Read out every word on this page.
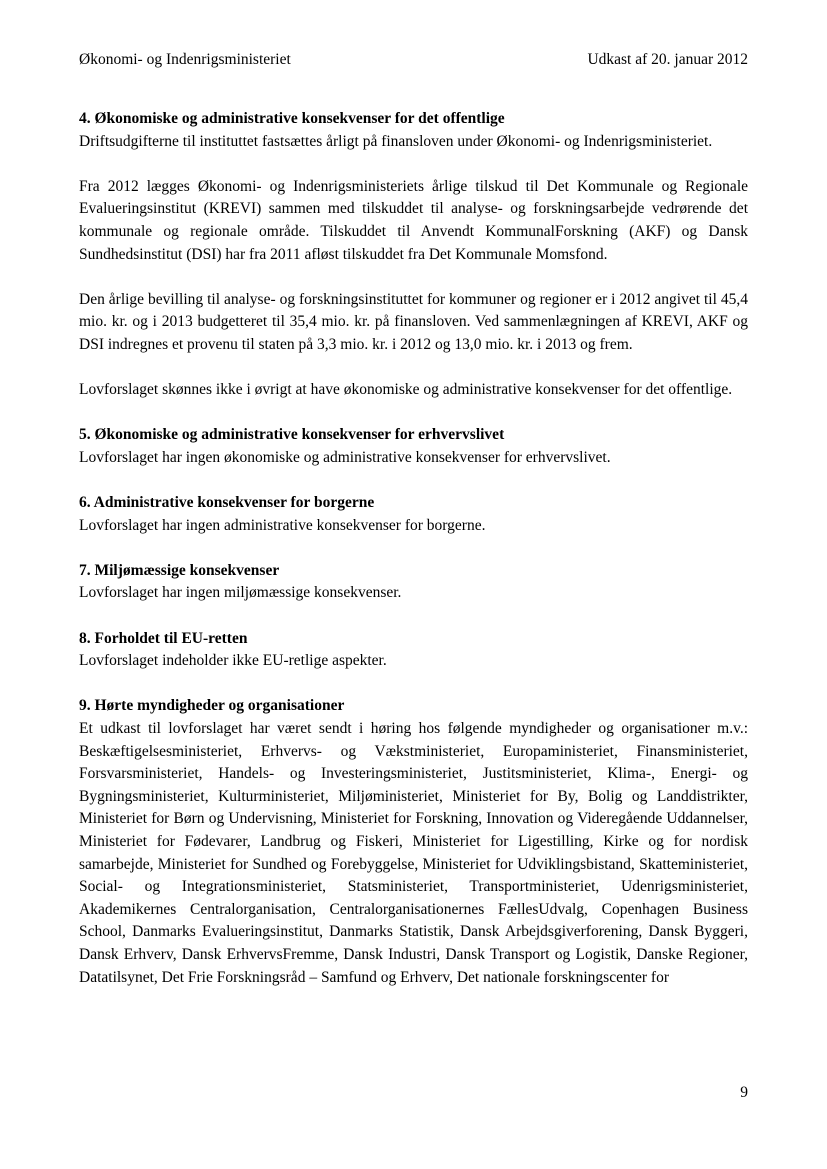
Økonomi- og Indenrigsministeriet	Udkast af 20. januar 2012
4. Økonomiske og administrative konsekvenser for det offentlige

Driftsudgifterne til instituttet fastsættes årligt på finansloven under Økonomi- og Indenrigsministeriet.

Fra 2012 lægges Økonomi- og Indenrigsministeriets årlige tilskud til Det Kommunale og Regionale Evalueringsinstitut (KREVI) sammen med tilskuddet til analyse- og forskningsarbejde vedrørende det kommunale og regionale område. Tilskuddet til Anvendt KommunalForskning (AKF) og Dansk Sundhedsinstitut (DSI) har fra 2011 afløst tilskuddet fra Det Kommunale Momsfond.

Den årlige bevilling til analyse- og forskningsinstituttet for kommuner og regioner er i 2012 angivet til 45,4 mio. kr. og i 2013 budgetteret til 35,4 mio. kr. på finansloven. Ved sammenlægningen af KREVI, AKF og DSI indregnes et provenu til staten på 3,3 mio. kr. i 2012 og 13,0 mio. kr. i 2013 og frem.

Lovforslaget skønnes ikke i øvrigt at have økonomiske og administrative konsekvenser for det offentlige.

5. Økonomiske og administrative konsekvenser for erhvervslivet

Lovforslaget har ingen økonomiske og administrative konsekvenser for erhvervslivet.

6. Administrative konsekvenser for borgerne

Lovforslaget har ingen administrative konsekvenser for borgerne.

7. Miljømæssige konsekvenser

Lovforslaget har ingen miljømæssige konsekvenser.

8. Forholdet til EU-retten

Lovforslaget indeholder ikke EU-retlige aspekter.

9. Hørte myndigheder og organisationer

Et udkast til lovforslaget har været sendt i høring hos følgende myndigheder og organisationer m.v.: Beskæftigelsesministeriet, Erhvervs- og Vækstministeriet, Europaministeriet, Finansministeriet, Forsvarsministeriet, Handels- og Investeringsministeriet, Justitsministeriet, Klima-, Energi- og Bygningsministeriet, Kulturministeriet, Miljøministeriet, Ministeriet for By, Bolig og Landdistrikter, Ministeriet for Børn og Undervisning, Ministeriet for Forskning, Innovation og Videregående Uddannelser, Ministeriet for Fødevarer, Landbrug og Fiskeri, Ministeriet for Ligestilling, Kirke og for nordisk samarbejde, Ministeriet for Sundhed og Forebyggelse, Ministeriet for Udviklingsbistand, Skatteministeriet, Social- og Integrationsministeriet, Statsministeriet, Transportministeriet, Udenrigsministeriet, Akademikernes Centralorganisation, Centralorganisationernes FællesUdvalg, Copenhagen Business School, Danmarks Evalueringsinstitut, Danmarks Statistik, Dansk Arbejdsgiverforening, Dansk Byggeri, Dansk Erhverv, Dansk ErhvervsFremme, Dansk Industri, Dansk Transport og Logistik, Danske Regioner, Datatilsynet, Det Frie Forskningsråd – Samfund og Erhverv, Det nationale forskningscenter for

9
